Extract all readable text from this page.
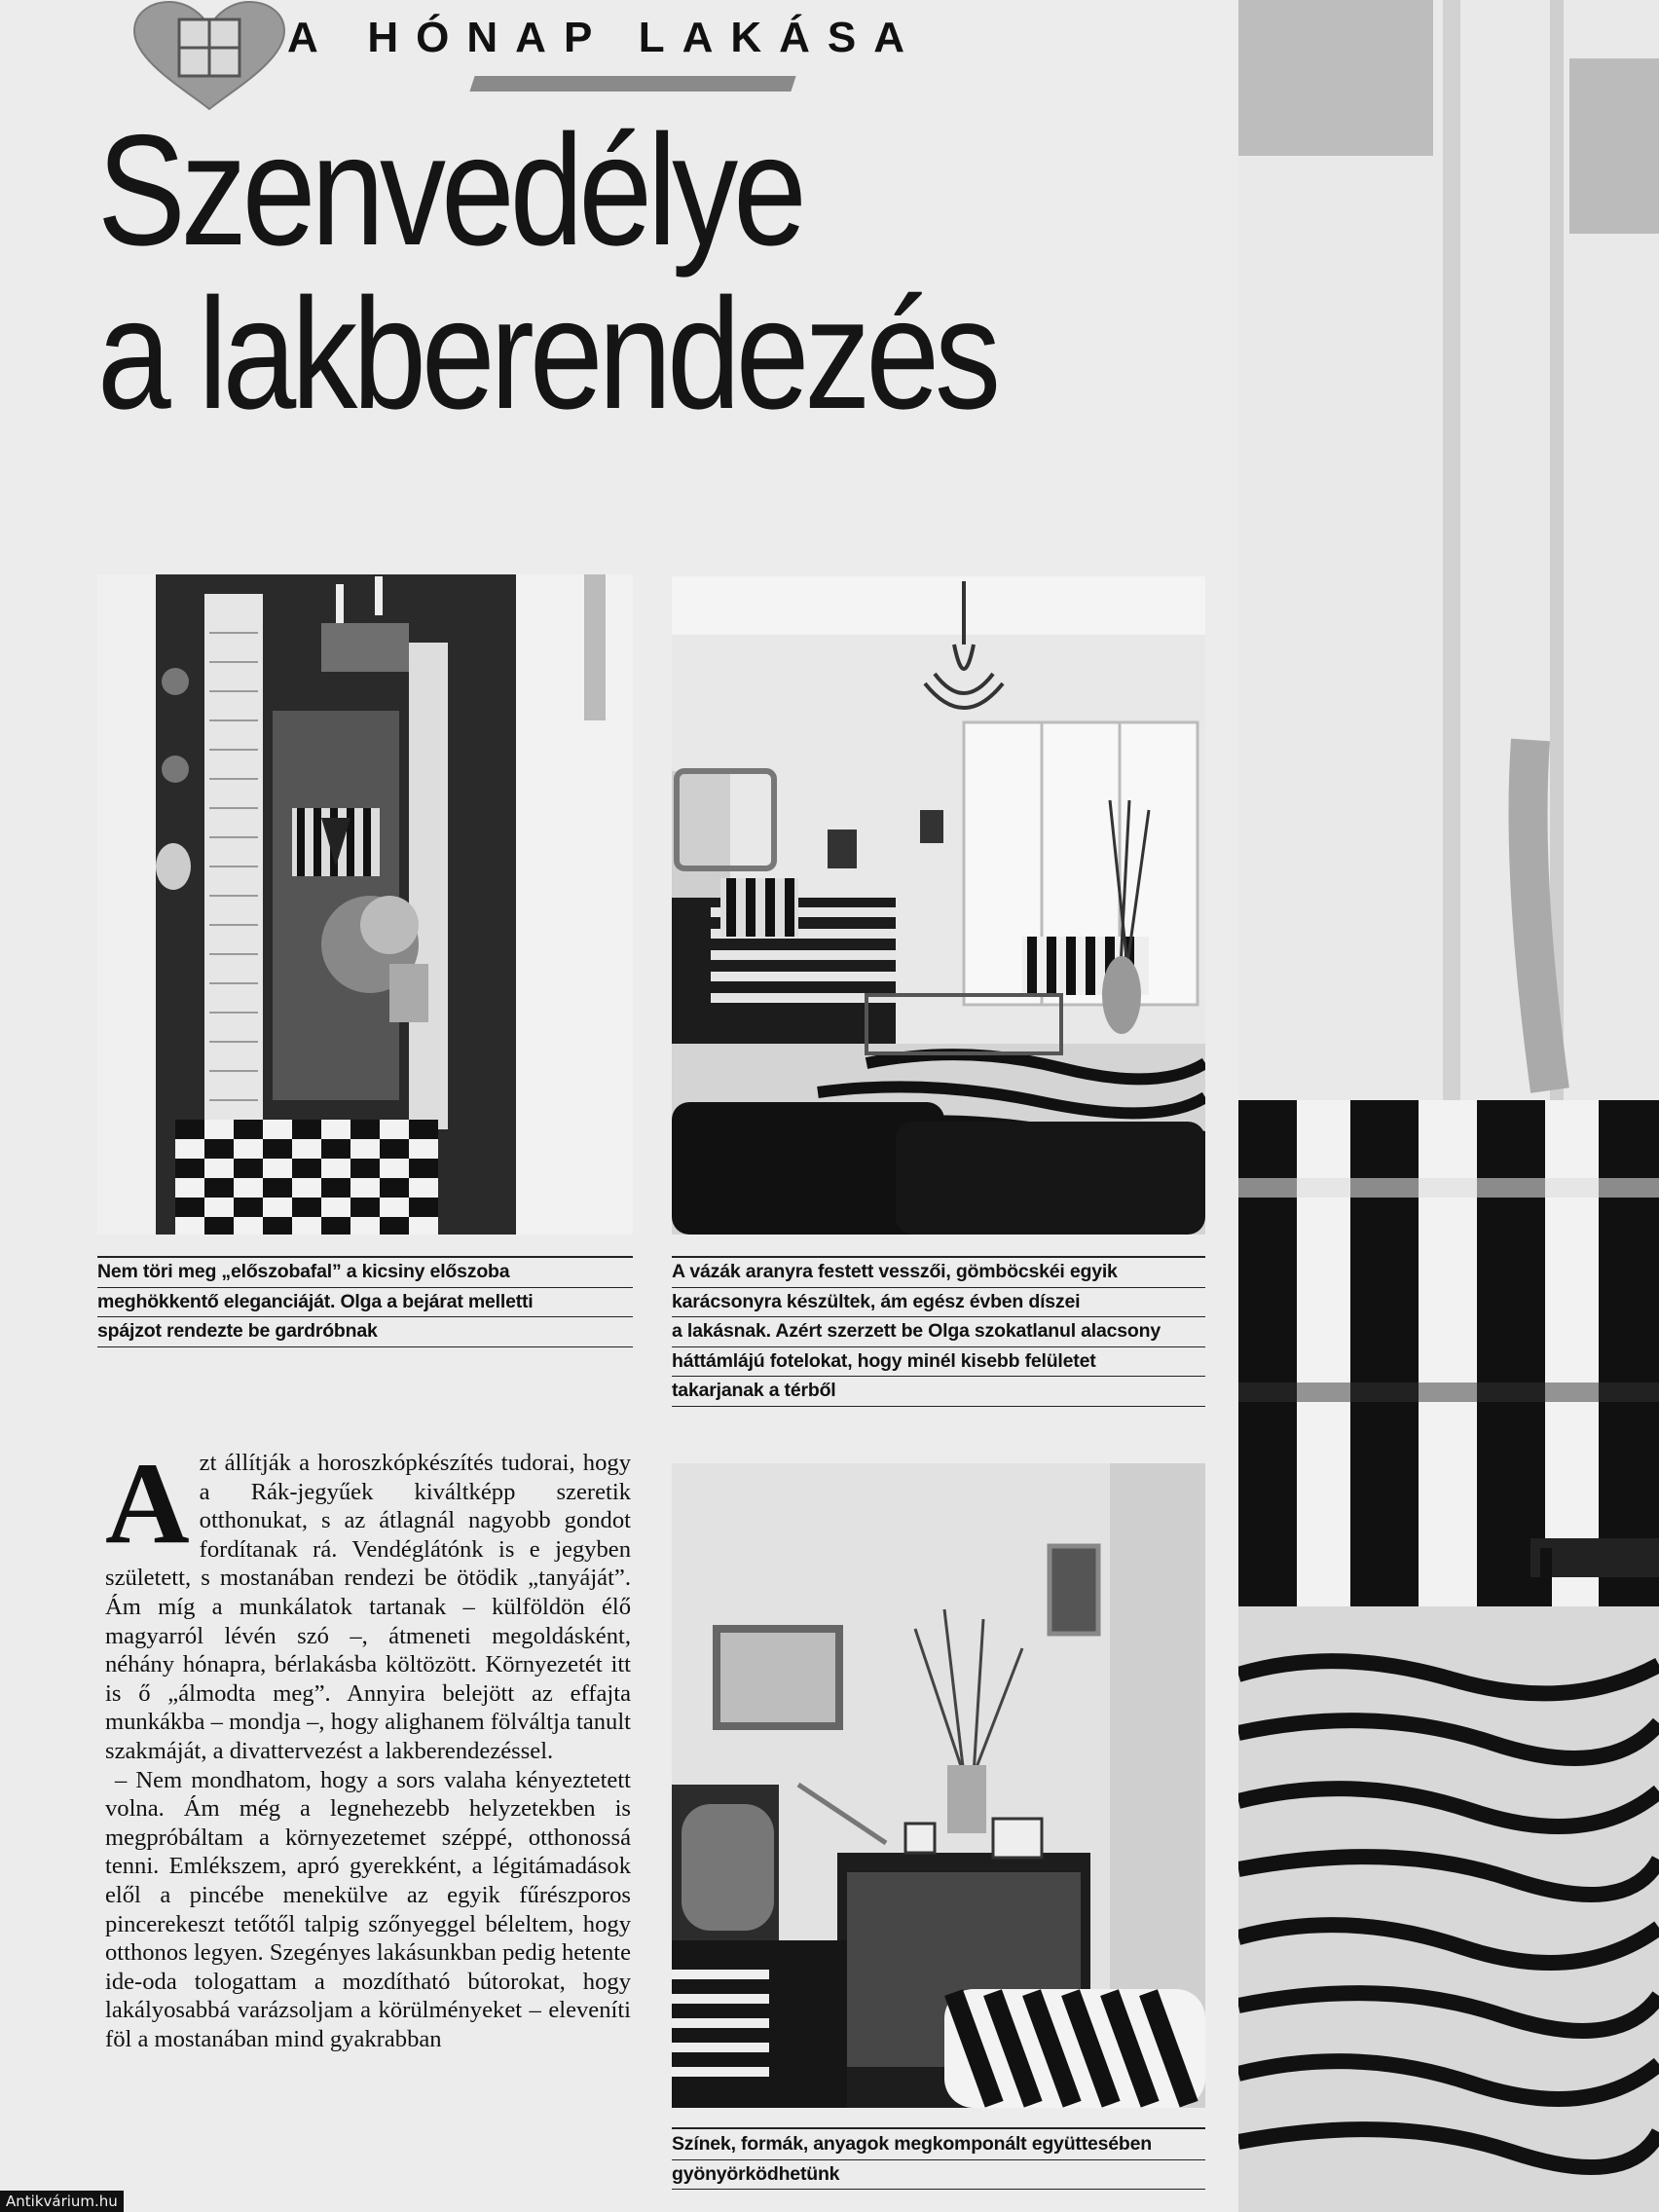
A HÓNAP LAKÁSA
Szenvedélye
a lakberendezés

Nem töri meg „előszobafal” a kicsiny előszoba
meghökkentő eleganciáját. Olga a bejárat melletti
spájzot rendezte be gardróbnak

A vázák aranyra festett vesszői, gömböcskéi egyik
karácsonyra készültek, ám egész évben díszei
a lakásnak. Azért szerzett be Olga szokatlanul alacsony
háttámlájú fotelokat, hogy minél kisebb felületet
takarjanak a térből

Színek, formák, anyagok megkomponált együttesében
gyönyörködhetünk

A zt állítják a horoszkópkészítés tudorai, hogy a Rák-jegyűek kiváltképp szeretik otthonukat, s az átlagnál nagyobb gondot fordítanak rá. Vendéglátónk is e jegyben született, s mostanában rendezi be ötödik „tanyáját”. Ám míg a munkálatok tartanak – külföldön élő magyarról lévén szó –, átmeneti megoldásként, néhány hónapra, bérlakásba költözött. Környezetét itt is ő „álmodta meg”. Annyira belejött az effajta munkákba – mondja –, hogy alighanem fölváltja tanult szakmáját, a divattervezést a lakberendezéssel.

– Nem mondhatom, hogy a sors valaha kényeztetett volna. Ám még a legnehezebb helyzetekben is megpróbáltam a környezetemet széppé, otthonossá tenni. Emlékszem, apró gyerekként, a légitámadások elől a pincébe menekülve az egyik fűrészporos pincerekeszt tetőtől talpig szőnyeggel béleltem, hogy otthonos legyen. Szegényes lakásunkban pedig hetente ide-oda tologattam a mozdítható bútorokat, hogy lakályosabbá varázsoljam a körülményeket – eleveníti föl a mostanában mind gyakrabban

Antikvárium.hu
